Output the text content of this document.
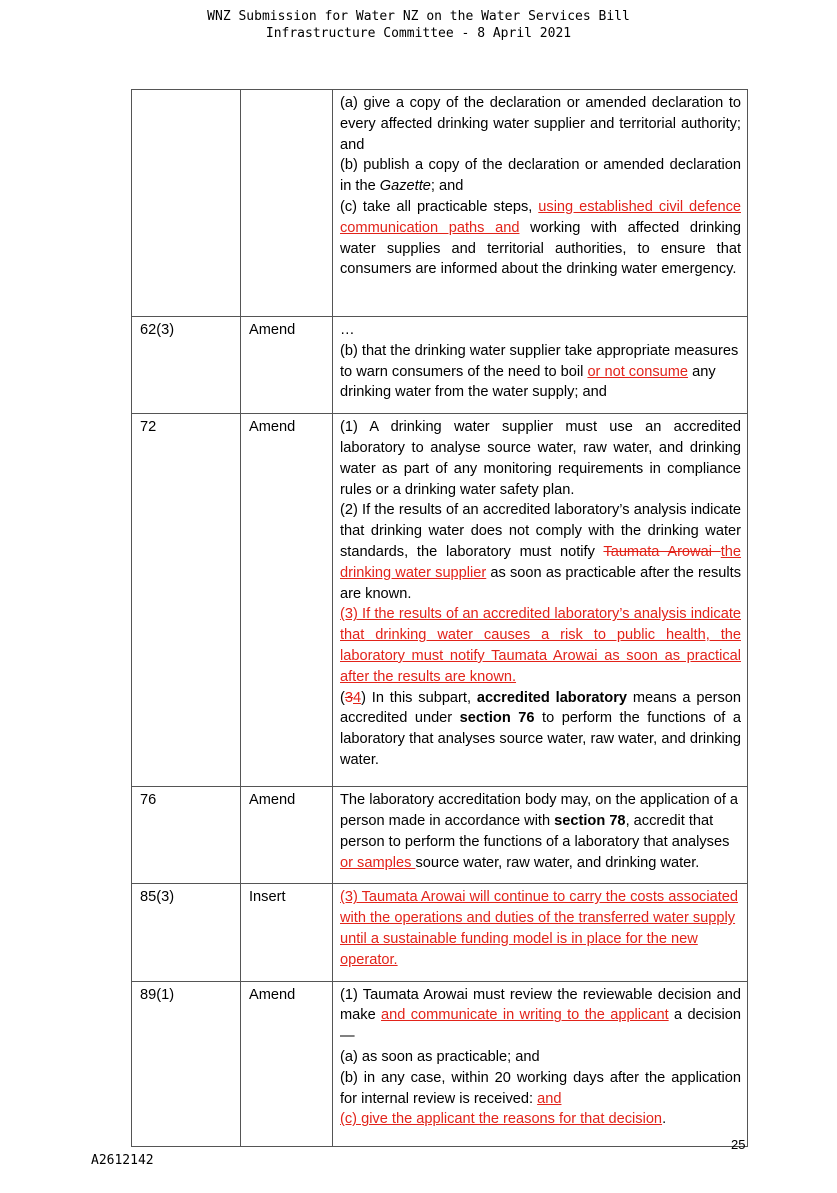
WNZ Submission for Water NZ on the Water Services Bill
Infrastructure Committee - 8 April 2021

		(a) give a copy of the declaration or amended declaration to every affected drinking water supplier and territorial authority; and
(b) publish a copy of the declaration or amended declaration in the Gazette; and
(c) take all practicable steps, using established civil defence communication paths and working with affected drinking water supplies and territorial authorities, to ensure that consumers are informed about the drinking water emergency.

62(3)	Amend	…
(b) that the drinking water supplier take appropriate measures to warn consumers of the need to boil or not consume any drinking water from the water supply; and

72	Amend	(1) A drinking water supplier must use an accredited laboratory to analyse source water, raw water, and drinking water as part of any monitoring requirements in compliance rules or a drinking water safety plan.
(2) If the results of an accredited laboratory’s analysis indicate that drinking water does not comply with the drinking water standards, the laboratory must notify Taumata Arowai the drinking water supplier as soon as practicable after the results are known.
(3) If the results of an accredited laboratory’s analysis indicate that drinking water causes a risk to public health, the laboratory must notify Taumata Arowai as soon as practical after the results are known.
(34) In this subpart, accredited laboratory means a person accredited under section 76 to perform the functions of a laboratory that analyses source water, raw water, and drinking water.

76	Amend	The laboratory accreditation body may, on the application of a person made in accordance with section 78, accredit that person to perform the functions of a laboratory that analyses or samples source water, raw water, and drinking water.

85(3)	Insert	(3) Taumata Arowai will continue to carry the costs associated with the operations and duties of the transferred water supply until a sustainable funding model is in place for the new operator.

89(1)	Amend	(1) Taumata Arowai must review the reviewable decision and make and communicate in writing to the applicant a decision—
(a) as soon as practicable; and
(b) in any case, within 20 working days after the application for internal review is received: and
(c) give the applicant the reasons for that decision.
25
A2612142
